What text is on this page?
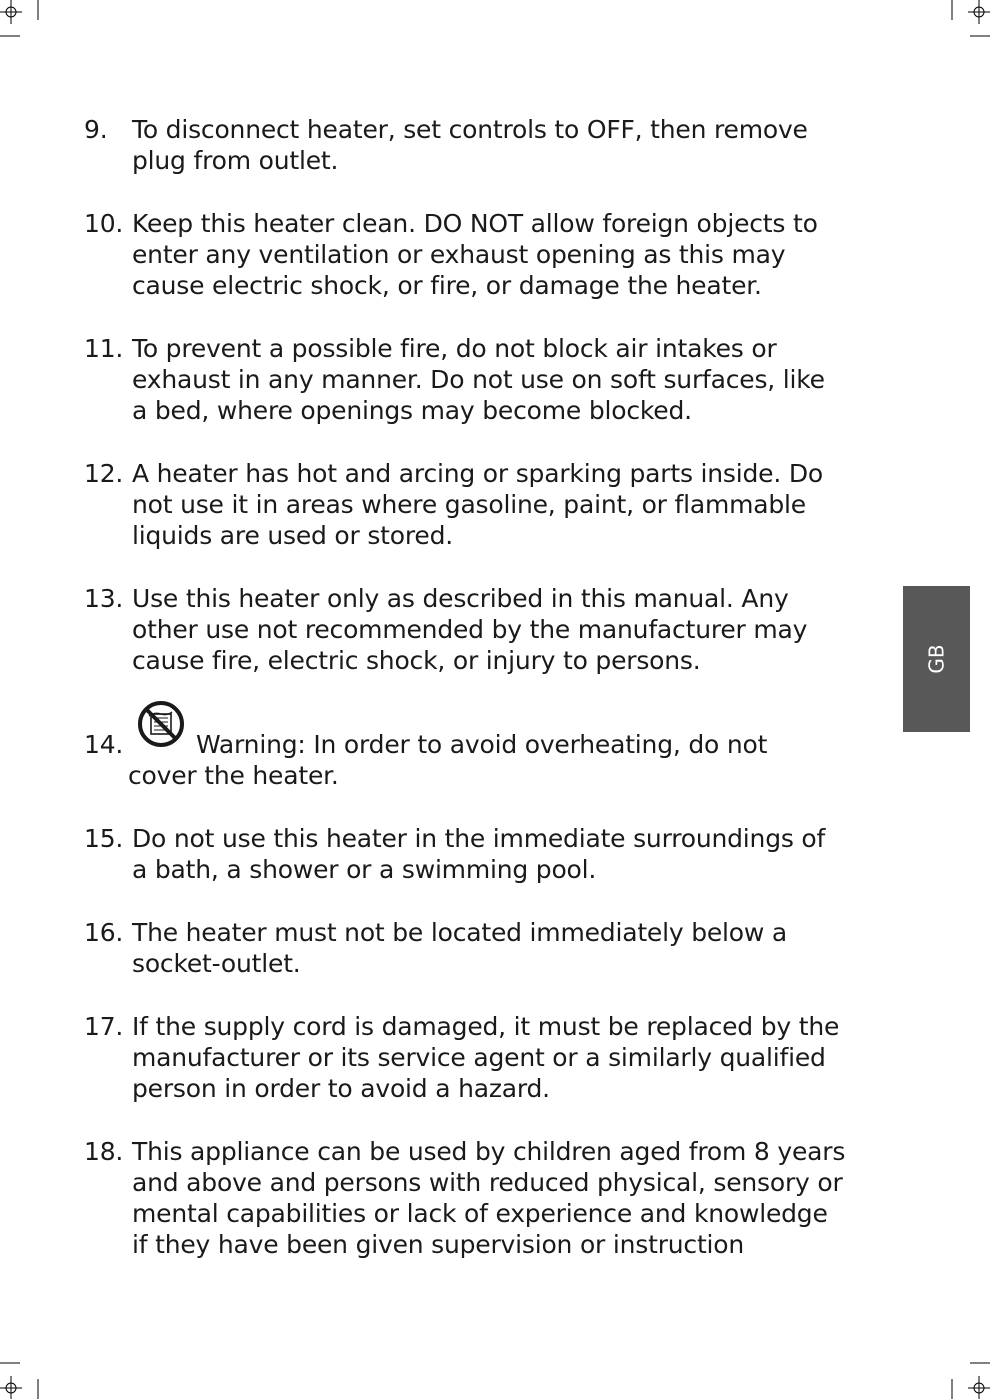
9. To disconnect heater, set controls to OFF, then remove
plug from outlet.
10. Keep this heater clean. DO NOT allow foreign objects to
enter any ventilation or exhaust opening as this may
cause electric shock, or fire, or damage the heater.
11. To prevent a possible fire, do not block air intakes or
exhaust in any manner. Do not use on soft surfaces, like
a bed, where openings may become blocked.
12. A heater has hot and arcing or sparking parts inside. Do
not use it in areas where gasoline, paint, or flammable
liquids are used or stored.
13. Use this heater only as described in this manual. Any
other use not recommended by the manufacturer may
cause fire, electric shock, or injury to persons.
14.	Warning: In order to avoid overheating, do not
cover the heater.
15. Do not use this heater in the immediate surroundings of
a bath, a shower or a swimming pool.
16. The heater must not be located immediately below a
socket-outlet.
17. If the supply cord is damaged, it must be replaced by the
manufacturer or its service agent or a similarly qualified
person in order to avoid a hazard.
18. This appliance can be used by children aged from 8 years
and above and persons with reduced physical, sensory or
mental capabilities or lack of experience and knowledge
if they have been given supervision or instruction
GB
